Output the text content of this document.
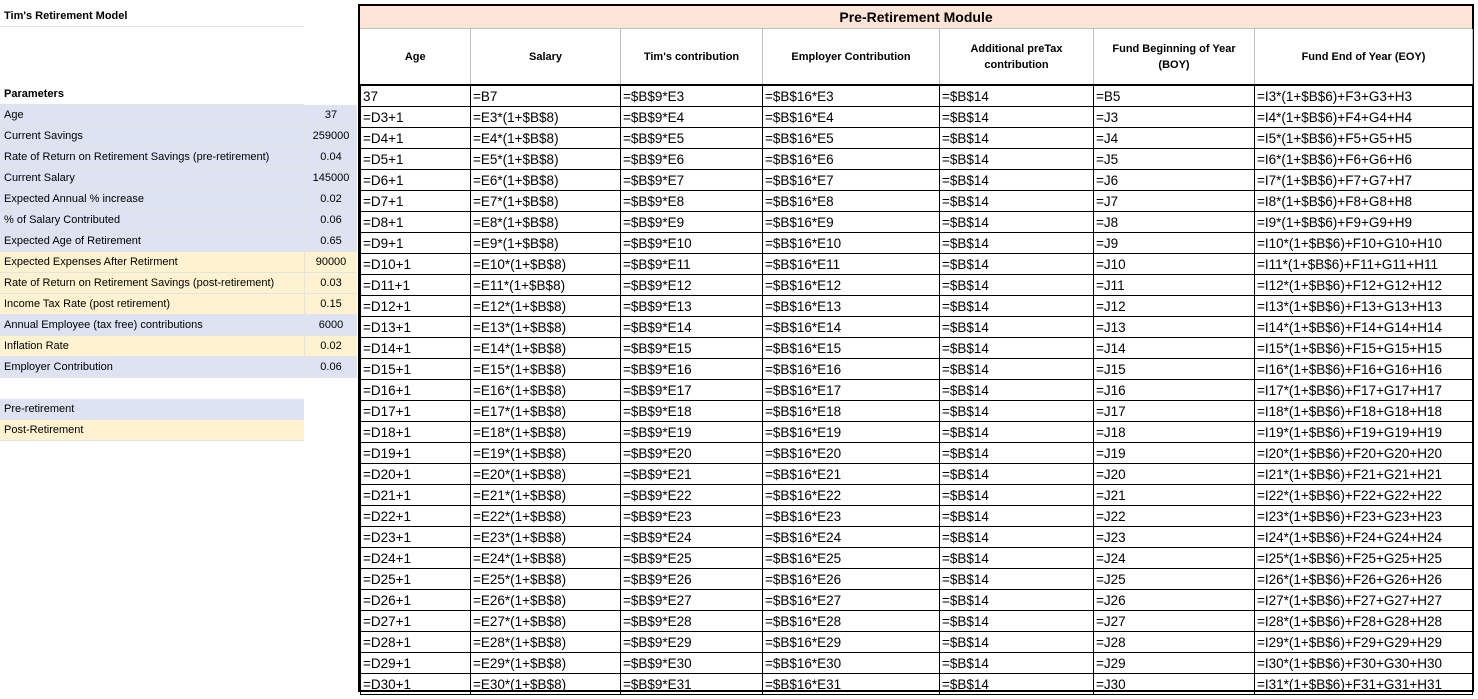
Tim's Retirement Model
Parameters
Age	37
Current Savings	259000
Rate of Return on Retirement Savings (pre-retirement)	0.04
Current Salary	145000
Expected Annual % increase	0.02
% of Salary Contributed	0.06
Expected Age of Retirement	0.65
Expected Expenses After Retirment	90000
Rate of Return on Retirement Savings (post-retirement)	0.03
Income Tax Rate (post retirement)	0.15
Annual Employee (tax free) contributions	6000
Inflation Rate	0.02
Employer Contribution	0.06
Pre-retirement
Post-Retirement
Pre-Retirement Module
Age	Salary	Tim's contribution	Employer Contribution	Additional preTax contribution	Fund Beginning of Year (BOY)	Fund End of Year (EOY)
37	=B7	=$B$9*E3	=$B$16*E3	=$B$14	=B5	=I3*(1+$B$6)+F3+G3+H3
=D3+1	=E3*(1+$B$8)	=$B$9*E4	=$B$16*E4	=$B$14	=J3	=I4*(1+$B$6)+F4+G4+H4
=D4+1	=E4*(1+$B$8)	=$B$9*E5	=$B$16*E5	=$B$14	=J4	=I5*(1+$B$6)+F5+G5+H5
=D5+1	=E5*(1+$B$8)	=$B$9*E6	=$B$16*E6	=$B$14	=J5	=I6*(1+$B$6)+F6+G6+H6
=D6+1	=E6*(1+$B$8)	=$B$9*E7	=$B$16*E7	=$B$14	=J6	=I7*(1+$B$6)+F7+G7+H7
=D7+1	=E7*(1+$B$8)	=$B$9*E8	=$B$16*E8	=$B$14	=J7	=I8*(1+$B$6)+F8+G8+H8
=D8+1	=E8*(1+$B$8)	=$B$9*E9	=$B$16*E9	=$B$14	=J8	=I9*(1+$B$6)+F9+G9+H9
=D9+1	=E9*(1+$B$8)	=$B$9*E10	=$B$16*E10	=$B$14	=J9	=I10*(1+$B$6)+F10+G10+H10
=D10+1	=E10*(1+$B$8)	=$B$9*E11	=$B$16*E11	=$B$14	=J10	=I11*(1+$B$6)+F11+G11+H11
=D11+1	=E11*(1+$B$8)	=$B$9*E12	=$B$16*E12	=$B$14	=J11	=I12*(1+$B$6)+F12+G12+H12
=D12+1	=E12*(1+$B$8)	=$B$9*E13	=$B$16*E13	=$B$14	=J12	=I13*(1+$B$6)+F13+G13+H13
=D13+1	=E13*(1+$B$8)	=$B$9*E14	=$B$16*E14	=$B$14	=J13	=I14*(1+$B$6)+F14+G14+H14
=D14+1	=E14*(1+$B$8)	=$B$9*E15	=$B$16*E15	=$B$14	=J14	=I15*(1+$B$6)+F15+G15+H15
=D15+1	=E15*(1+$B$8)	=$B$9*E16	=$B$16*E16	=$B$14	=J15	=I16*(1+$B$6)+F16+G16+H16
=D16+1	=E16*(1+$B$8)	=$B$9*E17	=$B$16*E17	=$B$14	=J16	=I17*(1+$B$6)+F17+G17+H17
=D17+1	=E17*(1+$B$8)	=$B$9*E18	=$B$16*E18	=$B$14	=J17	=I18*(1+$B$6)+F18+G18+H18
=D18+1	=E18*(1+$B$8)	=$B$9*E19	=$B$16*E19	=$B$14	=J18	=I19*(1+$B$6)+F19+G19+H19
=D19+1	=E19*(1+$B$8)	=$B$9*E20	=$B$16*E20	=$B$14	=J19	=I20*(1+$B$6)+F20+G20+H20
=D20+1	=E20*(1+$B$8)	=$B$9*E21	=$B$16*E21	=$B$14	=J20	=I21*(1+$B$6)+F21+G21+H21
=D21+1	=E21*(1+$B$8)	=$B$9*E22	=$B$16*E22	=$B$14	=J21	=I22*(1+$B$6)+F22+G22+H22
=D22+1	=E22*(1+$B$8)	=$B$9*E23	=$B$16*E23	=$B$14	=J22	=I23*(1+$B$6)+F23+G23+H23
=D23+1	=E23*(1+$B$8)	=$B$9*E24	=$B$16*E24	=$B$14	=J23	=I24*(1+$B$6)+F24+G24+H24
=D24+1	=E24*(1+$B$8)	=$B$9*E25	=$B$16*E25	=$B$14	=J24	=I25*(1+$B$6)+F25+G25+H25
=D25+1	=E25*(1+$B$8)	=$B$9*E26	=$B$16*E26	=$B$14	=J25	=I26*(1+$B$6)+F26+G26+H26
=D26+1	=E26*(1+$B$8)	=$B$9*E27	=$B$16*E27	=$B$14	=J26	=I27*(1+$B$6)+F27+G27+H27
=D27+1	=E27*(1+$B$8)	=$B$9*E28	=$B$16*E28	=$B$14	=J27	=I28*(1+$B$6)+F28+G28+H28
=D28+1	=E28*(1+$B$8)	=$B$9*E29	=$B$16*E29	=$B$14	=J28	=I29*(1+$B$6)+F29+G29+H29
=D29+1	=E29*(1+$B$8)	=$B$9*E30	=$B$16*E30	=$B$14	=J29	=I30*(1+$B$6)+F30+G30+H30
=D30+1	=E30*(1+$B$8)	=$B$9*E31	=$B$16*E31	=$B$14	=J30	=I31*(1+$B$6)+F31+G31+H31
